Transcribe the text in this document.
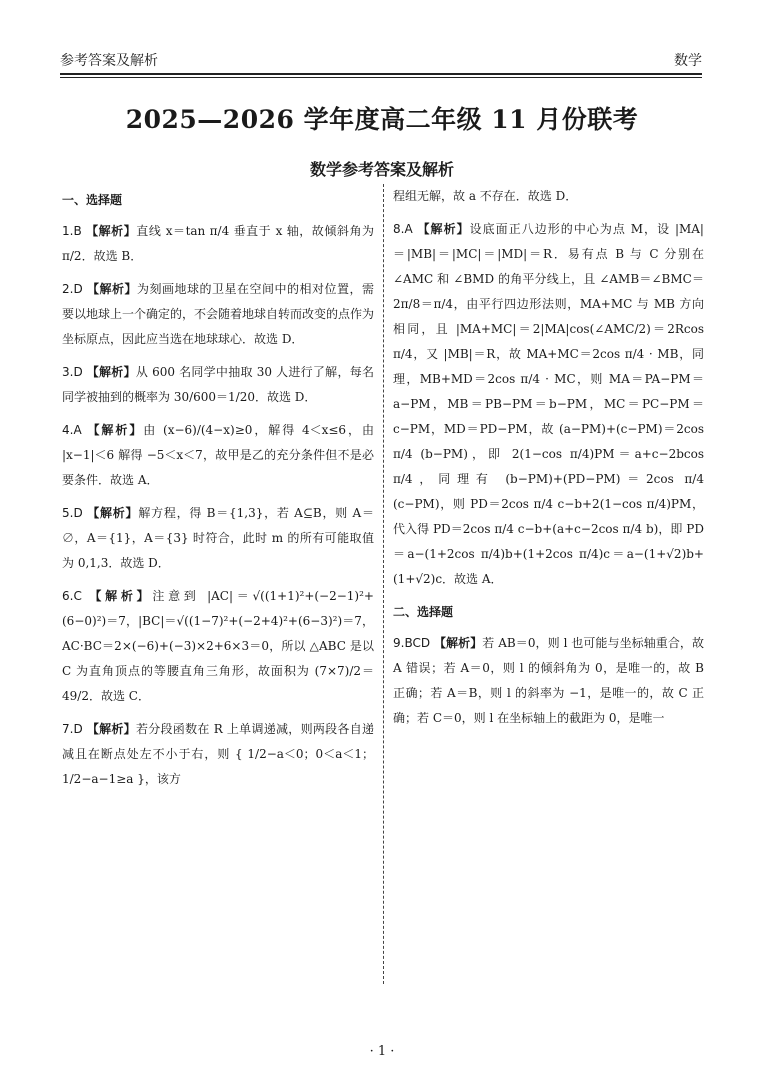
参考答案及解析	数学
2025—2026 学年度高二年级 11 月份联考
数学参考答案及解析
一、选择题
1.B 【解析】直线 x＝tan π/4 垂直于 x 轴，故倾斜角为 π/2．故选 B．
2.D 【解析】为刻画地球的卫星在空间中的相对位置，需要以地球上一个确定的，不会随着地球自转而改变的点作为坐标原点，因此应当选在地球球心．故选 D．
3.D 【解析】从 600 名同学中抽取 30 人进行了解，每名同学被抽到的概率为 30/600＝1/20．故选 D．
4.A 【解析】由 (x−6)/(4−x)≥0，解得 4＜x≤6，由 |x−1|＜6 解得 −5＜x＜7，故甲是乙的充分条件但不是必要条件．故选 A．
5.D 【解析】解方程，得 B＝{1,3}，若 A⊆B，则 A＝∅，A＝{1}，A＝{3} 时符合，此时 m 的所有可能取值为 0,1,3．故选 D．
6.C 【解析】注意到 |AC|＝√((1+1)²+(−2−1)²+(6−0)²)＝7，|BC|＝√((1−7)²+(−2+4)²+(6−3)²)＝7，AC·BC＝2×(−6)+(−3)×2+6×3＝0，所以 △ABC 是以 C 为直角顶点的等腰直角三角形，故面积为 (7×7)/2＝49/2．故选 C．
7.D 【解析】若分段函数在 R 上单调递减，则两段各自递减且在断点处左不小于右，则 { 1/2−a＜0；0＜a＜1；1/2−a−1≥a }，该方
程组无解，故 a 不存在．故选 D．
8.A 【解析】设底面正八边形的中心为点 M，设 |MA|＝|MB|＝|MC|＝|MD|＝R．易有点 B 与 C 分别在 ∠AMC 和 ∠BMD 的角平分线上，且 ∠AMB＝∠BMC＝2π/8＝π/4，由平行四边形法则，MA+MC 与 MB 方向相同，且 |MA+MC|＝2|MA|cos(∠AMC/2)＝2Rcos π/4，又 |MB|＝R，故 MA+MC＝2cos π/4 · MB，同理，MB+MD＝2cos π/4 · MC，则 MA＝PA−PM＝a−PM，MB＝PB−PM＝b−PM，MC＝PC−PM＝c−PM，MD＝PD−PM，故 (a−PM)+(c−PM)＝2cos π/4 (b−PM)，即 2(1−cos π/4)PM＝a+c−2bcos π/4，同理有 (b−PM)+(PD−PM)＝2cos π/4 (c−PM)，则 PD＝2cos π/4 c−b+2(1−cos π/4)PM，代入得 PD＝2cos π/4 c−b+(a+c−2cos π/4 b)，即 PD＝a−(1+2cos π/4)b+(1+2cos π/4)c＝a−(1+√2)b+(1+√2)c．故选 A．
二、选择题
9.BCD 【解析】若 AB＝0，则 l 也可能与坐标轴重合，故 A 错误；若 A＝0，则 l 的倾斜角为 0，是唯一的，故 B 正确；若 A＝B，则 l 的斜率为 −1，是唯一的，故 C 正确；若 C＝0，则 l 在坐标轴上的截距为 0，是唯一
· 1 ·
